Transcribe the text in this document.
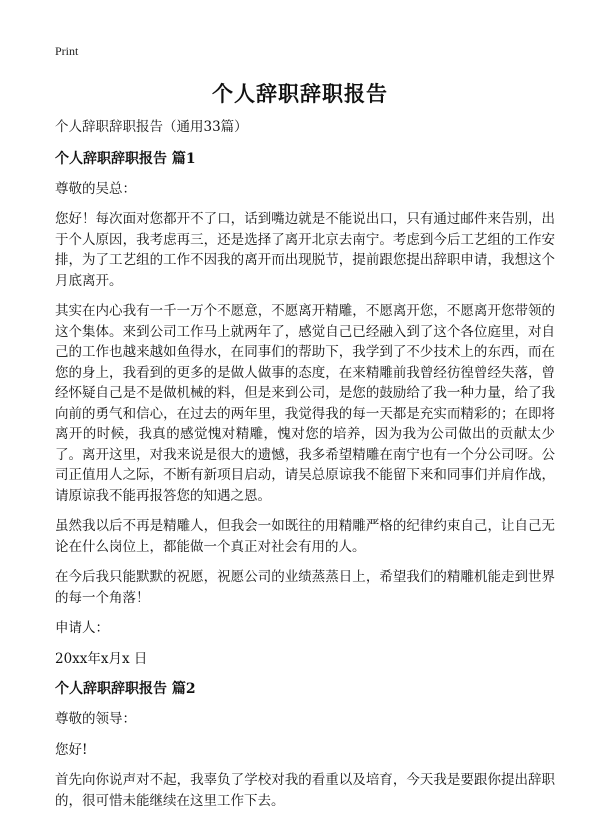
Print
个人辞职辞职报告

个人辞职辞职报告（通用33篇）

个人辞职辞职报告 篇1

尊敬的吴总：

您好！每次面对您都开不了口，话到嘴边就是不能说出口，只有通过邮件来告别，出于个人原因，我考虑再三，还是选择了离开北京去南宁。考虑到今后工艺组的工作安排，为了工艺组的工作不因我的离开而出现脱节，提前跟您提出辞职申请，我想这个月底离开。

其实在内心我有一千一万个不愿意，不愿离开精雕，不愿离开您，不愿离开您带领的这个集体。来到公司工作马上就两年了，感觉自己已经融入到了这个各位庭里，对自己的工作也越来越如鱼得水，在同事们的帮助下，我学到了不少技术上的东西，而在您的身上，我看到的更多的是做人做事的态度，在来精雕前我曾经彷徨曾经失落，曾经怀疑自己是不是做机械的料，但是来到公司，是您的鼓励给了我一种力量，给了我向前的勇气和信心，在过去的两年里，我觉得我的每一天都是充实而精彩的；在即将离开的时候，我真的感觉愧对精雕，愧对您的培养，因为我为公司做出的贡献太少了。离开这里，对我来说是很大的遗憾，我多希望精雕在南宁也有一个分公司呀。公司正值用人之际，不断有新项目启动，请吴总原谅我不能留下来和同事们并肩作战，请原谅我不能再报答您的知遇之恩。

虽然我以后不再是精雕人，但我会一如既往的用精雕严格的纪律约束自己，让自己无论在什么岗位上，都能做一个真正对社会有用的人。

在今后我只能默默的祝愿，祝愿公司的业绩蒸蒸日上，希望我们的精雕机能走到世界的每一个角落！

申请人：

20xx年x月x 日

个人辞职辞职报告 篇2

尊敬的领导：

您好!

首先向你说声对不起，我辜负了学校对我的看重以及培育，今天我是要跟你提出辞职的，很可惜未能继续在这里工作下去。
